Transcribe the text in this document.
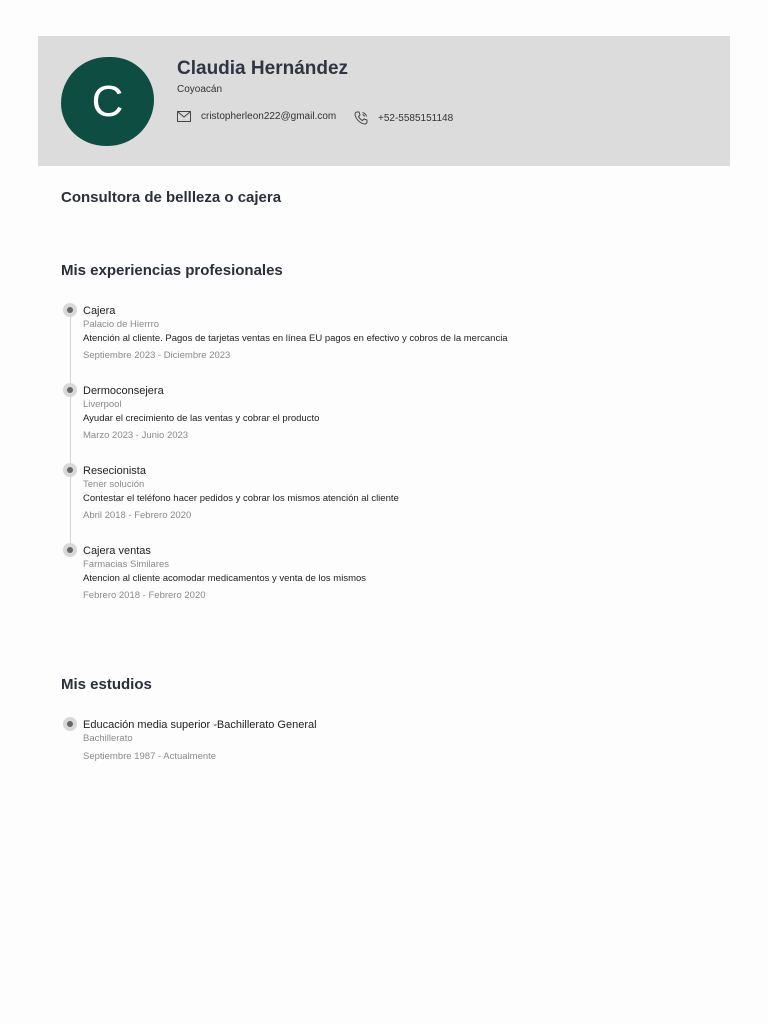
C
Claudia Hernández
Coyoacán
cristopherleon222@gmail.com	+52-5585151148
Consultora de bellleza o cajera
Mis experiencias profesionales
Cajera
Palacio de Hierrro
Atención al cliente. Pagos de tarjetas ventas en línea EU pagos en efectivo y cobros de la mercancia
Septiembre 2023 - Diciembre 2023
Dermoconsejera
Liverpool
Ayudar el crecimiento de las ventas y cobrar el producto
Marzo 2023 - Junio 2023
Resecionista
Tener solución
Contestar el teléfono hacer pedidos y cobrar los mismos atención al cliente
Abril 2018 - Febrero 2020
Cajera ventas
Farmacias Similares
Atencion al cliente acomodar medicamentos y venta de los mismos
Febrero 2018 - Febrero 2020
Mis estudios
Educación media superior -Bachillerato General
Bachillerato
Septiembre 1987 - Actualmente
